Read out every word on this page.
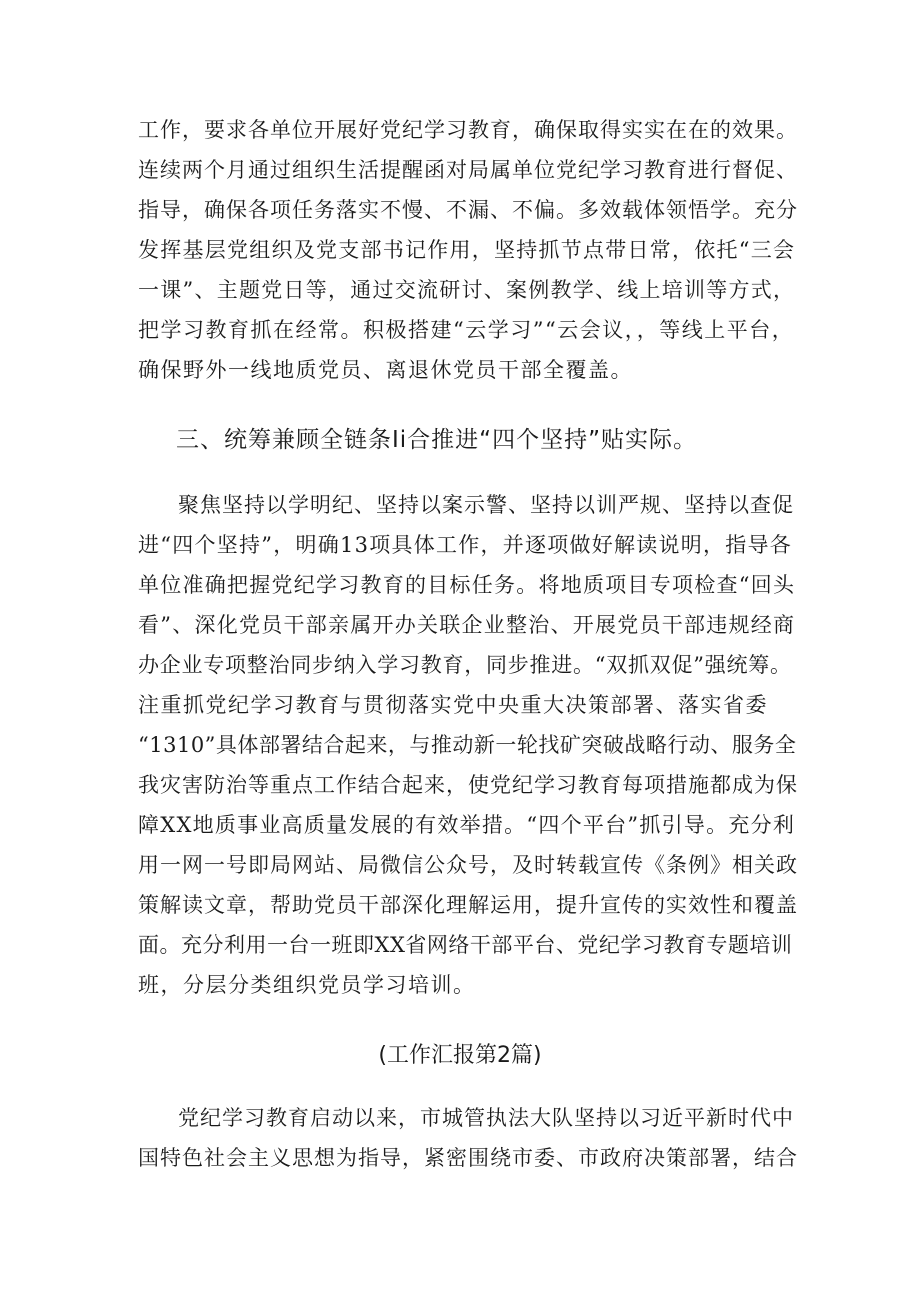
工作，要求各单位开展好党纪学习教育，确保取得实实在在的效果。
连续两个月通过组织生活提醒函对局属单位党纪学习教育进行督促、
指导，确保各项任务落实不慢、不漏、不偏。多效载体领悟学。充分
发挥基层党组织及党支部书记作用，坚持抓节点带日常，依托“三会
一课”、主题党日等，通过交流研讨、案例教学、线上培训等方式，
把学习教育抓在经常。积极搭建“云学习”“云会议，，等线上平台，
确保野外一线地质党员、离退休党员干部全覆盖。
三、统筹兼顾全链条Ii合推进“四个坚持”贴实际。
聚焦坚持以学明纪、坚持以案示警、坚持以训严规、坚持以查促
进“四个坚持”，明确13项具体工作，并逐项做好解读说明，指导各
单位准确把握党纪学习教育的目标任务。将地质项目专项检查“回头
看”、深化党员干部亲属开办关联企业整治、开展党员干部违规经商
办企业专项整治同步纳入学习教育，同步推进。“双抓双促”强统筹。
注重抓党纪学习教育与贯彻落实党中央重大决策部署、落实省委
“1310”具体部署结合起来，与推动新一轮找矿突破战略行动、服务全
我灾害防治等重点工作结合起来，使党纪学习教育每项措施都成为保
障XX地质事业高质量发展的有效举措。“四个平台”抓引导。充分利
用一网一号即局网站、局微信公众号，及时转载宣传《条例》相关政
策解读文章，帮助党员干部深化理解运用，提升宣传的实效性和覆盖
面。充分利用一台一班即XX省网络干部平台、党纪学习教育专题培训
班，分层分类组织党员学习培训。
(工作汇报第2篇)
党纪学习教育启动以来，市城管执法大队坚持以习近平新时代中
国特色社会主义思想为指导，紧密围绕市委、市政府决策部署，结合
